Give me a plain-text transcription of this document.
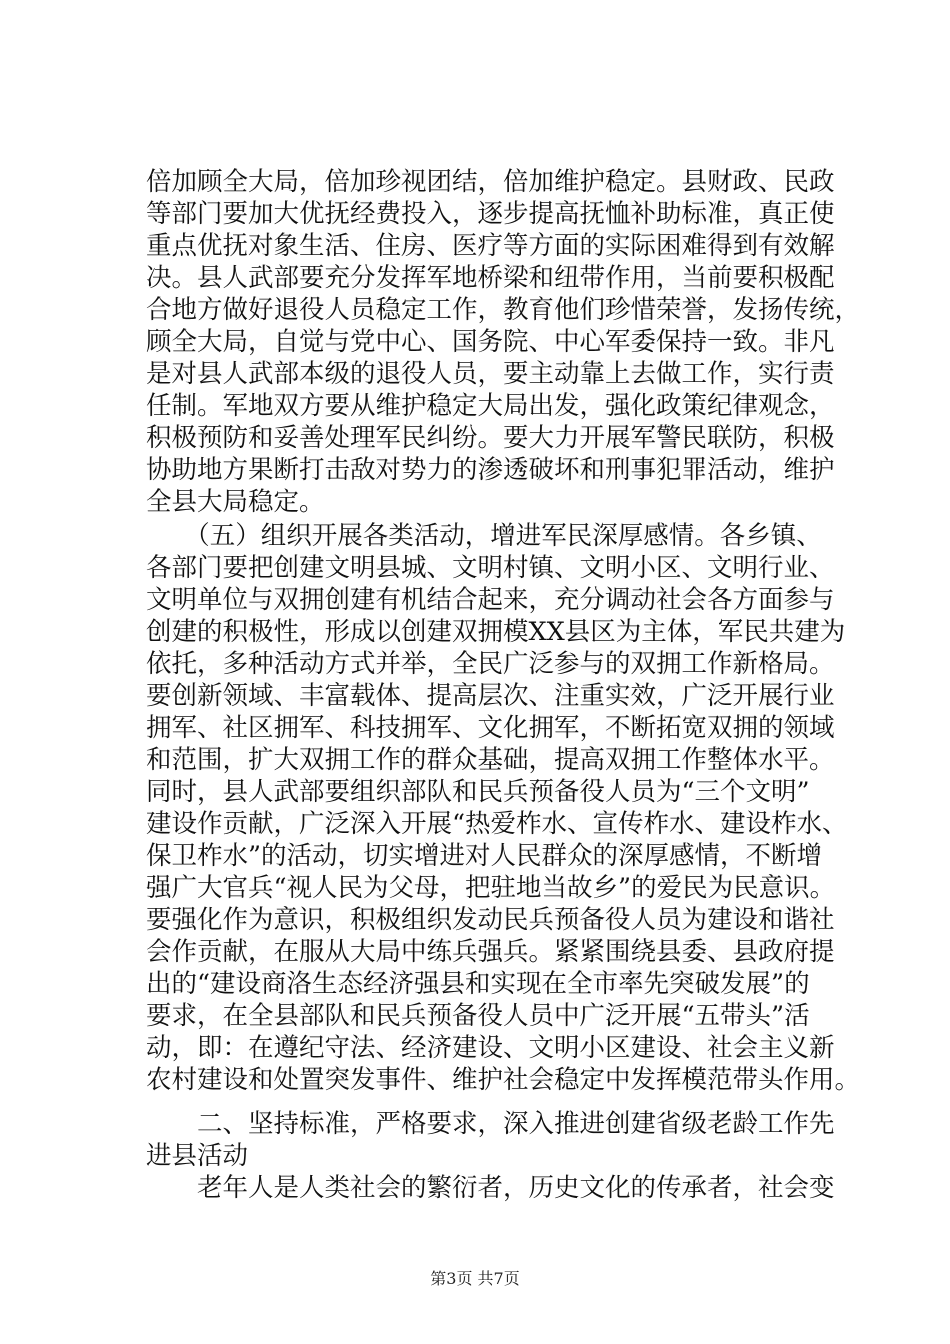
倍加顾全大局，倍加珍视团结，倍加维护稳定。县财政、民政
等部门要加大优抚经费投入，逐步提高抚恤补助标准，真正使
重点优抚对象生活、住房、医疗等方面的实际困难得到有效解
决。县人武部要充分发挥军地桥梁和纽带作用，当前要积极配
合地方做好退役人员稳定工作，教育他们珍惜荣誉，发扬传统，
顾全大局，自觉与党中心、国务院、中心军委保持一致。非凡
是对县人武部本级的退役人员，要主动靠上去做工作，实行责
任制。军地双方要从维护稳定大局出发，强化政策纪律观念，
积极预防和妥善处理军民纠纷。要大力开展军警民联防，积极
协助地方果断打击敌对势力的渗透破坏和刑事犯罪活动，维护
全县大局稳定。
　　（五）组织开展各类活动，增进军民深厚感情。各乡镇、
各部门要把创建文明县城、文明村镇、文明小区、文明行业、
文明单位与双拥创建有机结合起来，充分调动社会各方面参与
创建的积极性，形成以创建双拥模XX县区为主体，军民共建为
依托，多种活动方式并举，全民广泛参与的双拥工作新格局。
要创新领域、丰富载体、提高层次、注重实效，广泛开展行业
拥军、社区拥军、科技拥军、文化拥军，不断拓宽双拥的领域
和范围，扩大双拥工作的群众基础，提高双拥工作整体水平。
同时，县人武部要组织部队和民兵预备役人员为“三个文明”
建设作贡献，广泛深入开展“热爱柞水、宣传柞水、建设柞水、
保卫柞水”的活动，切实增进对人民群众的深厚感情，不断增
强广大官兵“视人民为父母，把驻地当故乡”的爱民为民意识。
要强化作为意识，积极组织发动民兵预备役人员为建设和谐社
会作贡献，在服从大局中练兵强兵。紧紧围绕县委、县政府提
出的“建设商洛生态经济强县和实现在全市率先突破发展”的
要求，在全县部队和民兵预备役人员中广泛开展“五带头”活
动，即：在遵纪守法、经济建设、文明小区建设、社会主义新
农村建设和处置突发事件、维护社会稳定中发挥模范带头作用。
　　二、坚持标准，严格要求，深入推进创建省级老龄工作先
进县活动
　　老年人是人类社会的繁衍者，历史文化的传承者，社会变
第3页 共7页
